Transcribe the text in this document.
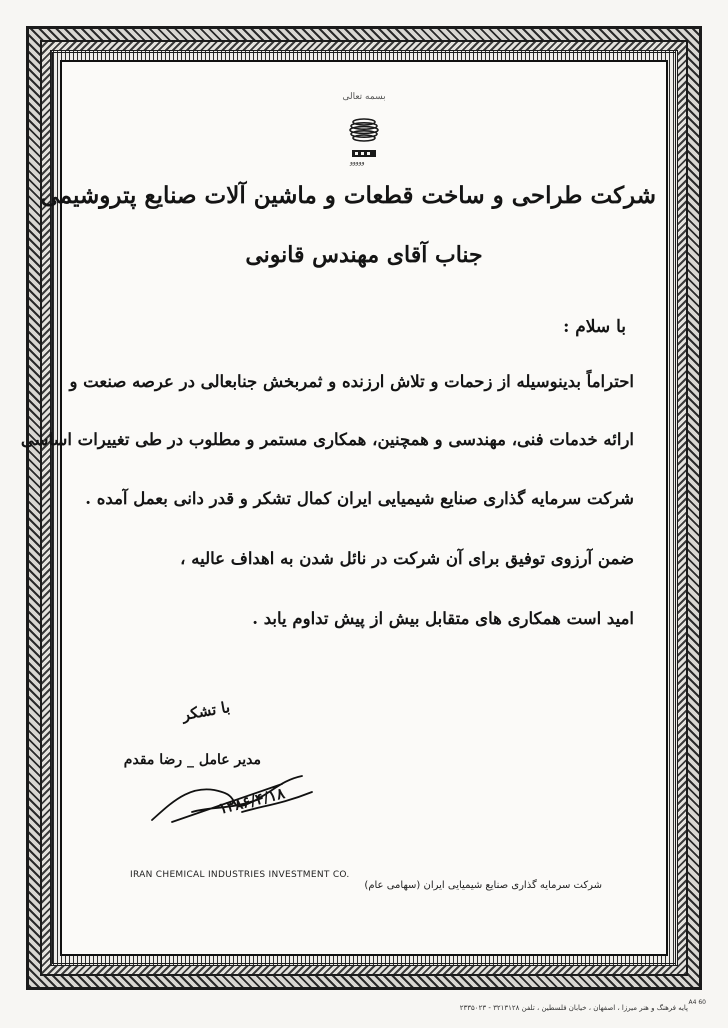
بسمه تعالی
ووووو
شرکت طراحی و ساخت قطعات و ماشین آلات صنایع پتروشیمی
جناب آقای مهندس قانونی
با سلام :
احتراماً بدینوسیله از زحمات و تلاش ارزنده و ثمربخش جنابعالی در عرصه صنعت و
ارائه خدمات فنی، مهندسی و همچنین، همکاری مستمر و مطلوب در طی تغییرات اساسی
شرکت سرمایه گذاری صنایع شیمیایی ایران کمال تشکر و قدر دانی بعمل آمده .
ضمن آرزوی توفیق برای آن شرکت در نائل شدن به اهداف عالیه ،
امید است همکاری های متقابل بیش از پیش تداوم یابد .
با تشکر
مدیر عامل _ رضا مقدم
۱۳۸۶/۴/۱۸
IRAN CHEMICAL INDUSTRIES INVESTMENT CO.
شرکت سرمایه گذاری صنایع شیمیایی ایران (سهامی عام)
پایه فرهنگ و هنر میرزا ، اصفهان ، خیابان فلسطین ، تلفن ۳۲۱۳۱۲۸ - ۲۳۳۵۰۲۳
A4 60
